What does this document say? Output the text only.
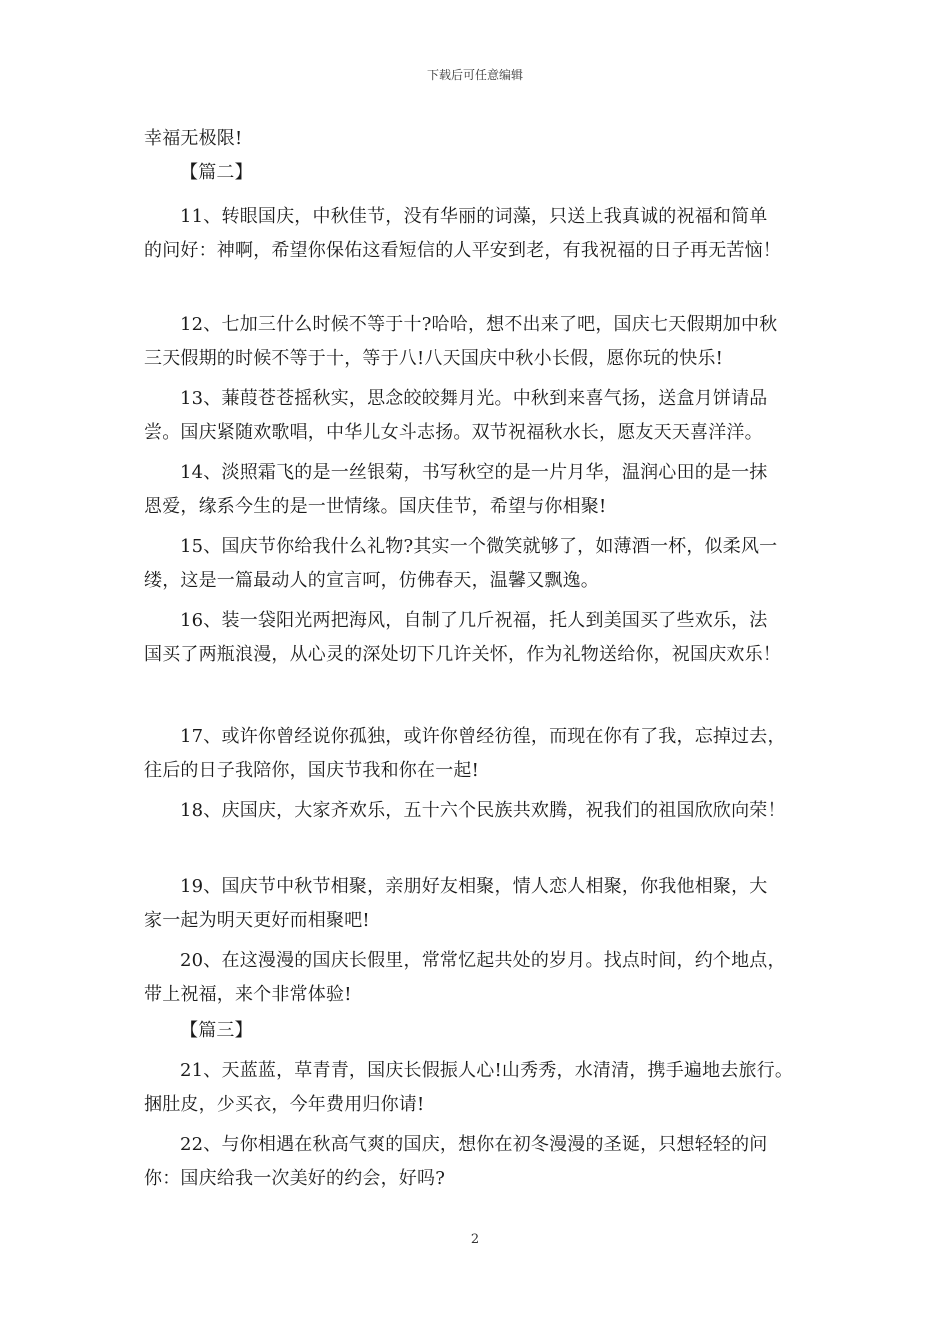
下载后可任意编辑
幸福无极限!
【篇二】
11、转眼国庆，中秋佳节，没有华丽的词藻，只送上我真诚的祝福和简单
的问好：神啊，希望你保佑这看短信的人平安到老，有我祝福的日子再无苦恼！
12、七加三什么时候不等于十?哈哈，想不出来了吧，国庆七天假期加中秋
三天假期的时候不等于十，等于八!八天国庆中秋小长假，愿你玩的快乐!
13、蒹葭苍苍摇秋实，思念皎皎舞月光。中秋到来喜气扬，送盒月饼请品
尝。国庆紧随欢歌唱，中华儿女斗志扬。双节祝福秋水长，愿友天天喜洋洋。
14、淡照霜飞的是一丝银菊，书写秋空的是一片月华，温润心田的是一抹
恩爱，缘系今生的是一世情缘。国庆佳节，希望与你相聚!
15、国庆节你给我什么礼物?其实一个微笑就够了，如薄酒一杯，似柔风一
缕，这是一篇最动人的宣言呵，仿佛春天，温馨又飘逸。
16、装一袋阳光两把海风，自制了几斤祝福，托人到美国买了些欢乐，法
国买了两瓶浪漫，从心灵的深处切下几许关怀，作为礼物送给你，祝国庆欢乐！
17、或许你曾经说你孤独，或许你曾经彷徨，而现在你有了我，忘掉过去，
往后的日子我陪你，国庆节我和你在一起!
18、庆国庆，大家齐欢乐，五十六个民族共欢腾，祝我们的祖国欣欣向荣！
19、国庆节中秋节相聚，亲朋好友相聚，情人恋人相聚，你我他相聚，大
家一起为明天更好而相聚吧!
20、在这漫漫的国庆长假里，常常忆起共处的岁月。找点时间，约个地点，
带上祝福，来个非常体验!
【篇三】
21、天蓝蓝，草青青，国庆长假振人心!山秀秀，水清清，携手遍地去旅行。
捆肚皮，少买衣，今年费用归你请!
22、与你相遇在秋高气爽的国庆，想你在初冬漫漫的圣诞，只想轻轻的问
你：国庆给我一次美好的约会，好吗?
2
